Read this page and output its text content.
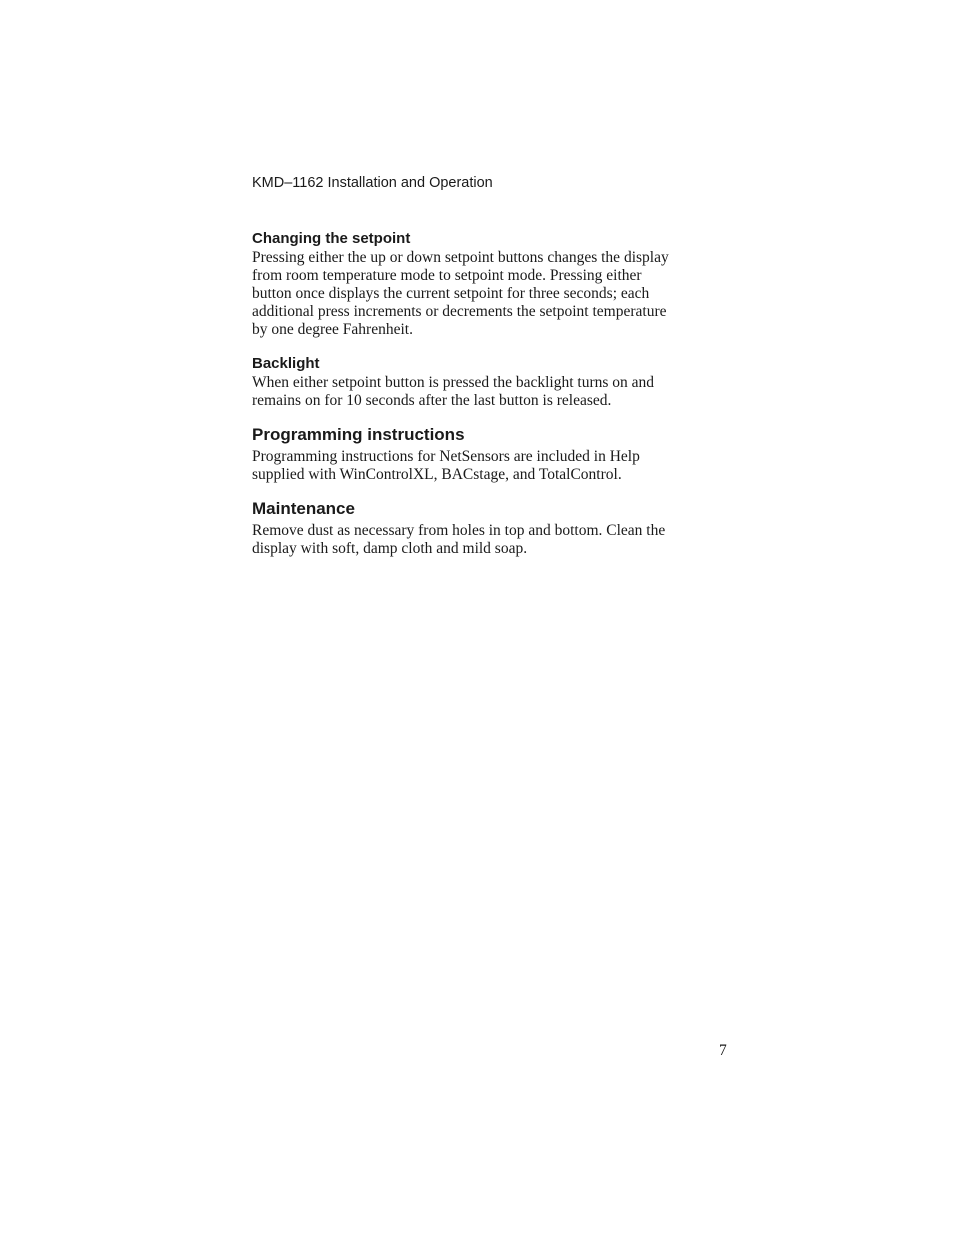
KMD–1162 Installation and Operation
Changing the setpoint

Pressing either the up or down setpoint buttons changes the display
from room temperature mode to setpoint mode. Pressing either
button once displays the current setpoint for three seconds; each
additional press increments or decrements the setpoint temperature
by one degree Fahrenheit.

Backlight

When either setpoint button is pressed the backlight turns on and
remains on for 10 seconds after the last button is released.

Programming instructions

Programming instructions for NetSensors are included in Help
supplied with WinControlXL, BACstage, and TotalControl.

Maintenance

Remove dust as necessary from holes in top and bottom. Clean the
display with soft, damp cloth and mild soap.

7
